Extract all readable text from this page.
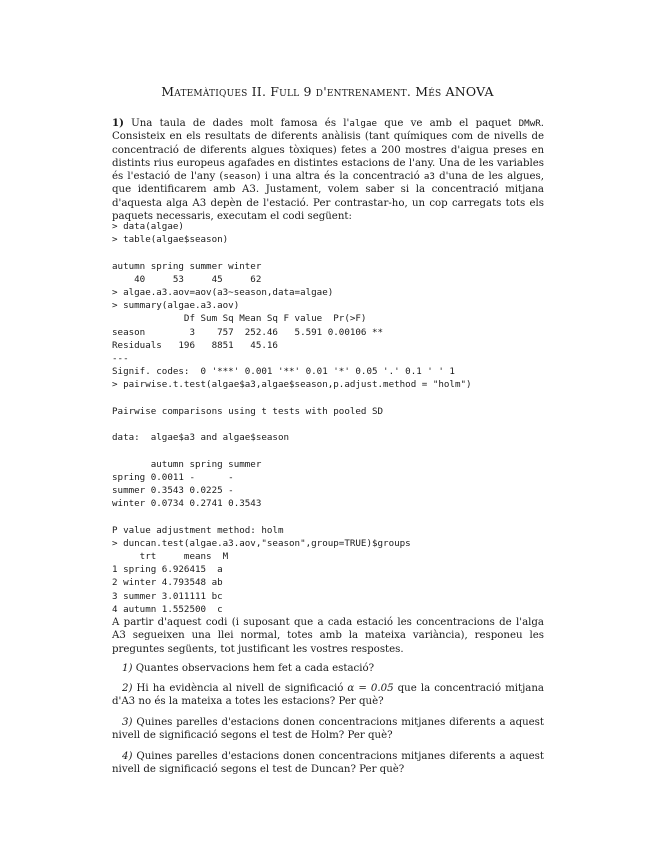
Matemàtiques II. Full 9 d'entrenament. Més ANOVA
1) Una taula de dades molt famosa és l'algae que ve amb el paquet DMwR. Consisteix en els resultats de diferents anàlisis (tant químiques com de nivells de concentració de diferents algues tòxiques) fetes a 200 mostres d'aigua preses en distints rius europeus agafades en distintes estacions de l'any. Una de les variables és l'estació de l'any (season) i una altra és la concentració a3 d'una de les algues, que identificarem amb A3. Justament, volem saber si la concentració mitjana d'aquesta alga A3 depèn de l'estació. Per contrastar-ho, un cop carregats tots els paquets necessaris, executam el codi següent:
> data(algae)
> table(algae$season)

autumn spring summer winter
40     53     45     62
> algae.a3.aov=aov(a3~season,data=algae)
> summary(algae.a3.aov)
Df Sum Sq Mean Sq F value  Pr(>F)
season        3    757  252.46   5.591 0.00106 **
Residuals   196   8851   45.16
---
Signif. codes:  0 '***' 0.001 '**' 0.01 '*' 0.05 '.' 0.1 ' ' 1
> pairwise.t.test(algae$a3,algae$season,p.adjust.method = "holm")

Pairwise comparisons using t tests with pooled SD

data:  algae$a3 and algae$season

autumn spring summer
spring 0.0011 -      -
summer 0.3543 0.0225 -
winter 0.0734 0.2741 0.3543

P value adjustment method: holm
> duncan.test(algae.a3.aov,"season",group=TRUE)$groups
trt     means  M
1 spring 6.926415  a
2 winter 4.793548 ab
3 summer 3.011111 bc
4 autumn 1.552500  c
A partir d'aquest codi (i suposant que a cada estació les concentracions de l'alga A3 segueixen una llei normal, totes amb la mateixa variància), responeu les preguntes següents, tot justificant les vostres respostes.
1) Quantes observacions hem fet a cada estació?
2) Hi ha evidència al nivell de significació α = 0.05 que la concentració mitjana d'A3 no és la mateixa a totes les estacions? Per què?
3) Quines parelles d'estacions donen concentracions mitjanes diferents a aquest nivell de significació segons el test de Holm? Per què?
4) Quines parelles d'estacions donen concentracions mitjanes diferents a aquest nivell de significació segons el test de Duncan? Per què?
